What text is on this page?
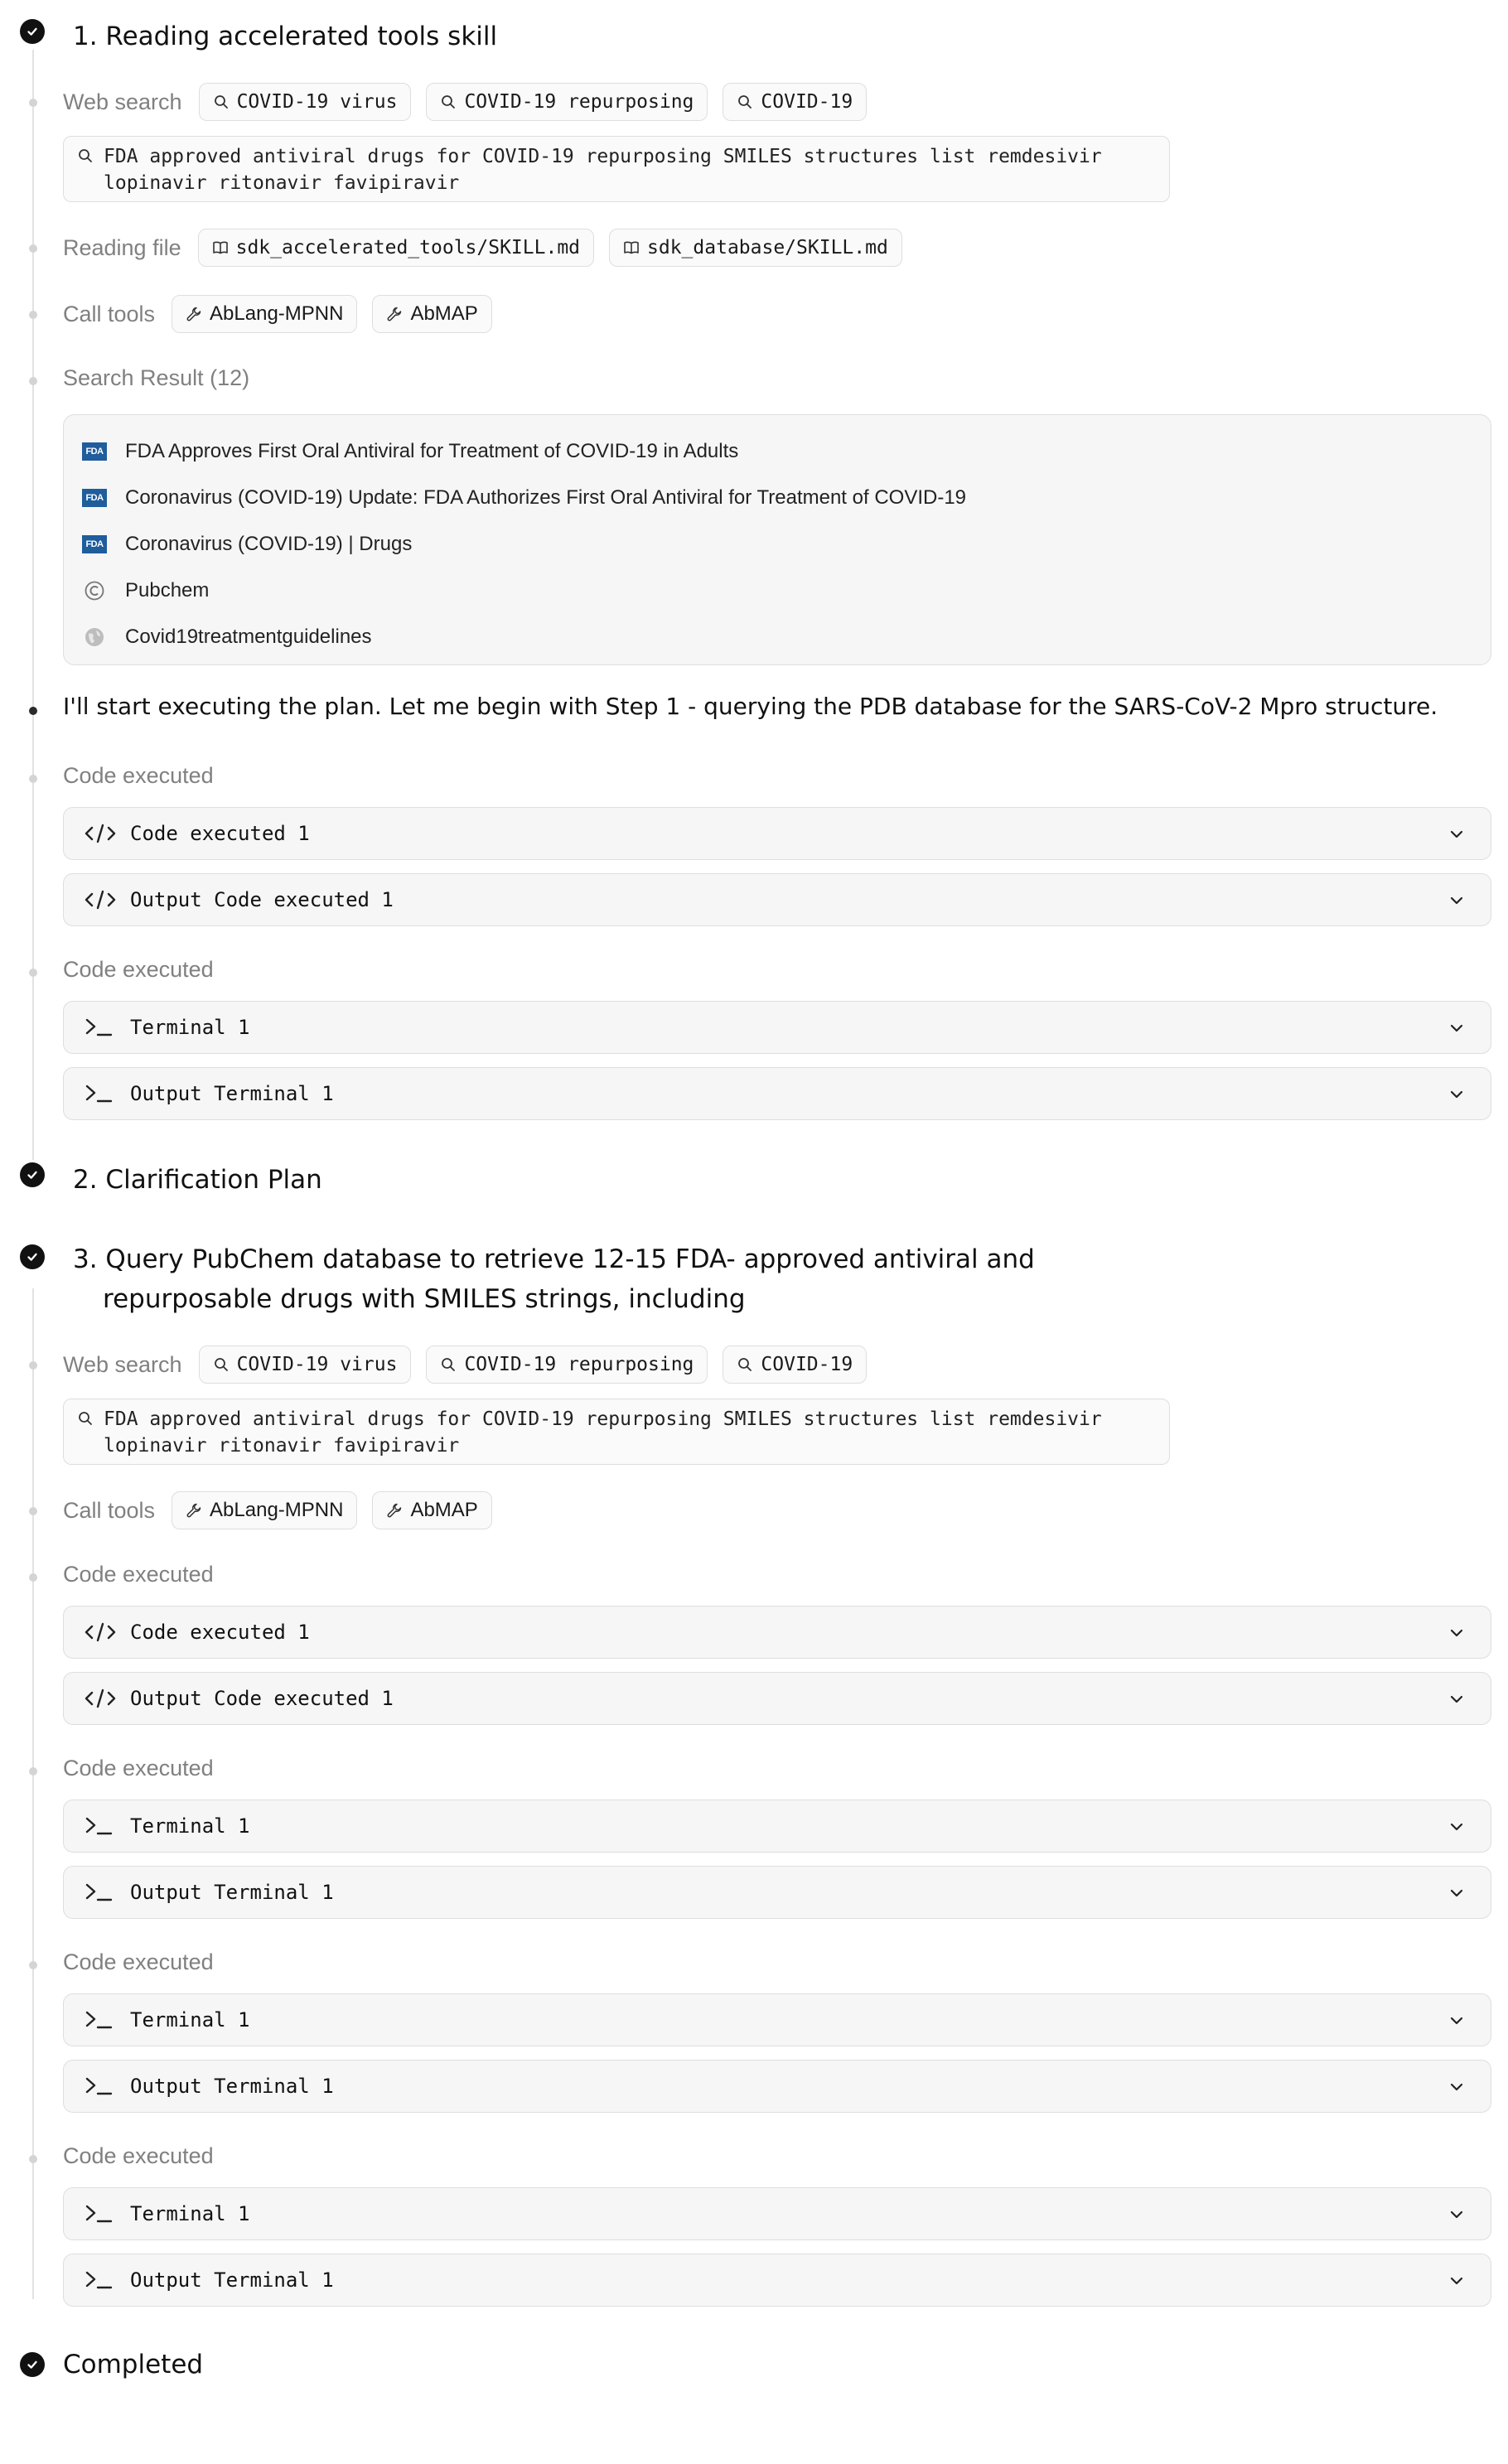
1. Reading accelerated tools skill
Web search	COVID-19 virus	COVID-19 repurposing	COVID-19
FDA approved antiviral drugs for COVID-19 repurposing SMILES structures list remdesivir
lopinavir ritonavir favipiravir
Reading file	sdk_accelerated_tools/SKILL.md	sdk_database/SKILL.md
Call tools	AbLang-MPNN	AbMAP
Search Result (12)
FDA FDA Approves First Oral Antiviral for Treatment of COVID-19 in Adults
FDA Coronavirus (COVID-19) Update: FDA Authorizes First Oral Antiviral for Treatment of COVID-19
FDA Coronavirus (COVID-19) | Drugs
Pubchem
Covid19treatmentguidelines
I'll start executing the plan. Let me begin with Step 1 - querying the PDB database for the SARS-CoV-2 Mpro structure.
Code executed
Code executed 1
Output Code executed 1
Code executed
Terminal 1
Output Terminal 1
2. Clarification Plan
3. Query PubChem database to retrieve 12-15 FDA- approved antiviral and
repurposable drugs with SMILES strings, including
Web search	COVID-19 virus	COVID-19 repurposing	COVID-19
FDA approved antiviral drugs for COVID-19 repurposing SMILES structures list remdesivir
lopinavir ritonavir favipiravir
Call tools	AbLang-MPNN	AbMAP
Code executed
Code executed 1
Output Code executed 1
Code executed
Terminal 1
Output Terminal 1
Code executed
Terminal 1
Output Terminal 1
Code executed
Terminal 1
Output Terminal 1
Completed
